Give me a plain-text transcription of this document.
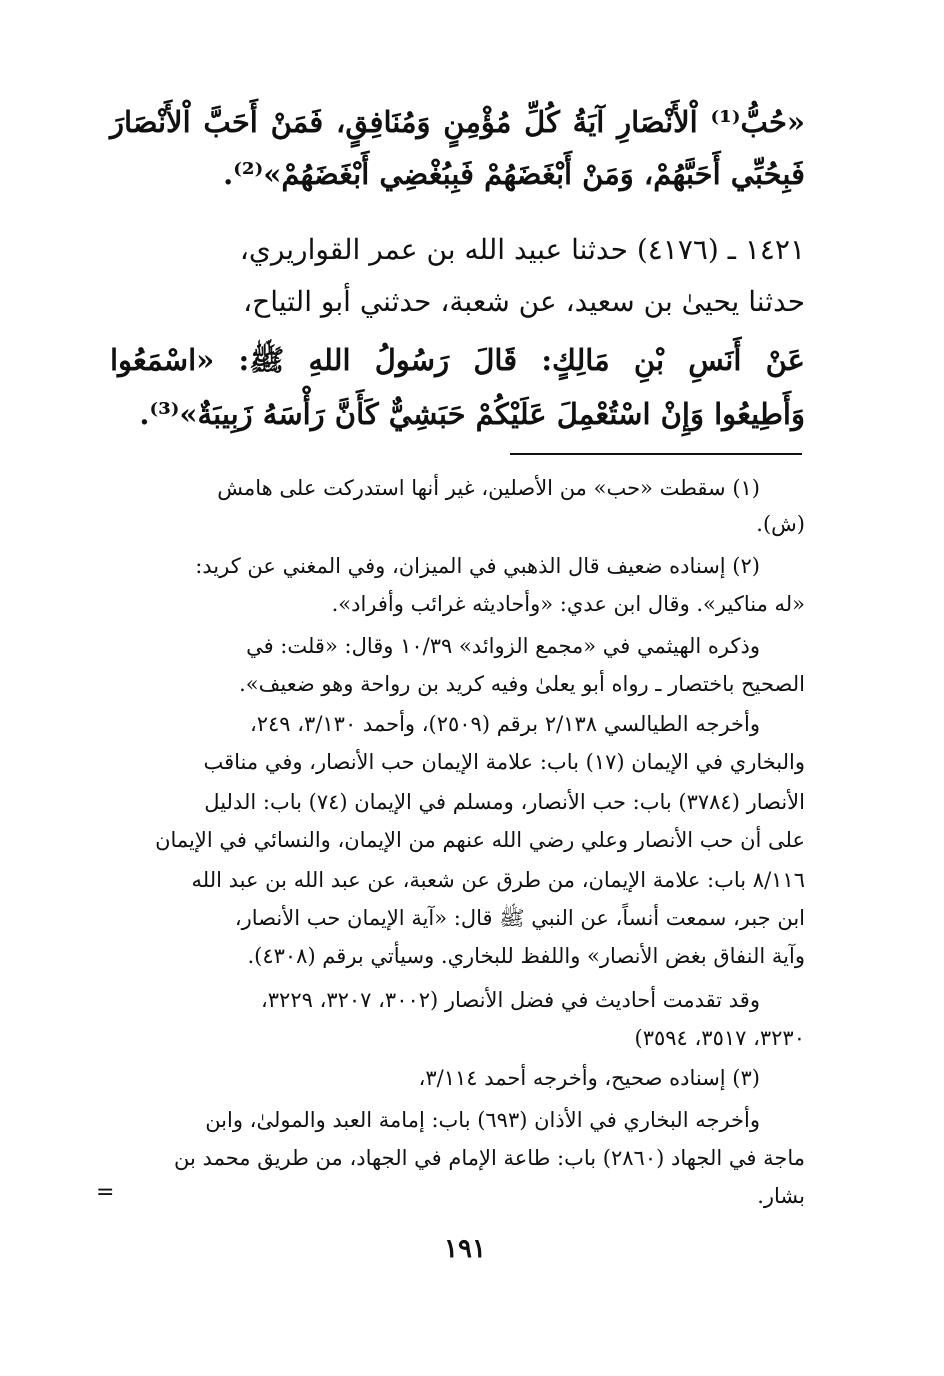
«حُبُّ⁽¹⁾ اْلأَنْصَارِ آيَةُ كُلِّ مُؤْمِنٍ وَمُنَافِقٍ، فَمَنْ أَحَبَّ اْلأَنْصَارَ
فَبِحُبِّي أَحَبَّهُمْ، وَمَنْ أَبْغَضَهُمْ فَبِبُغْضِي أَبْغَضَهُمْ»⁽²⁾.
١٤٢١ ـ (٤١٧٦) حدثنا عبيد الله بن عمر القواريري،
حدثنا يحيىٰ بن سعيد، عن شعبة، حدثني أبو التياح،
عَنْ أَنَسِ بْنِ مَالِكٍ: قَالَ رَسُولُ اللهِ ﷺ: «اسْمَعُوا
وَأَطِيعُوا وَإِنْ اسْتُعْمِلَ عَلَيْكُمْ حَبَشِيٌّ كَأَنَّ رَأْسَهُ زَبِيبَةٌ»⁽³⁾.
(١) سقطت «حب» من الأصلين، غير أنها استدركت على هامش
(ش).
(٢) إسناده ضعيف قال الذهبي في الميزان، وفي المغني عن كريد:
«له مناكير». وقال ابن عدي: «وأحاديثه غرائب وأفراد».
وذكره الهيثمي في «مجمع الزوائد» ١٠/٣٩ وقال: «قلت: في
الصحيح باختصار ـ رواه أبو يعلىٰ وفيه كريد بن رواحة وهو ضعيف».
وأخرجه الطيالسي ٢/١٣٨ برقم (٢٥٠٩)، وأحمد ٣/١٣٠، ٢٤٩،
والبخاري في الإيمان (١٧) باب: علامة الإيمان حب الأنصار، وفي مناقب
الأنصار (٣٧٨٤) باب: حب الأنصار، ومسلم في الإيمان (٧٤) باب: الدليل
على أن حب الأنصار وعلي رضي الله عنهم من الإيمان، والنسائي في الإيمان
٨/١١٦ باب: علامة الإيمان، من طرق عن شعبة، عن عبد الله بن عبد الله
ابن جبر، سمعت أنساً، عن النبي ﷺ قال: «آية الإيمان حب الأنصار،
وآية النفاق بغض الأنصار» واللفظ للبخاري. وسيأتي برقم (٤٣٠٨).
وقد تقدمت أحاديث في فضل الأنصار (٣٠٠٢، ٣٢٠٧، ٣٢٢٩،
٣٢٣٠، ٣٥١٧، ٣٥٩٤)
(٣) إسناده صحيح، وأخرجه أحمد ٣/١١٤،
وأخرجه البخاري في الأذان (٦٩٣) باب: إمامة العبد والمولىٰ، وابن
ماجة في الجهاد (٢٨٦٠) باب: طاعة الإمام في الجهاد، من طريق محمد بن
بشار.
=
١٩١
